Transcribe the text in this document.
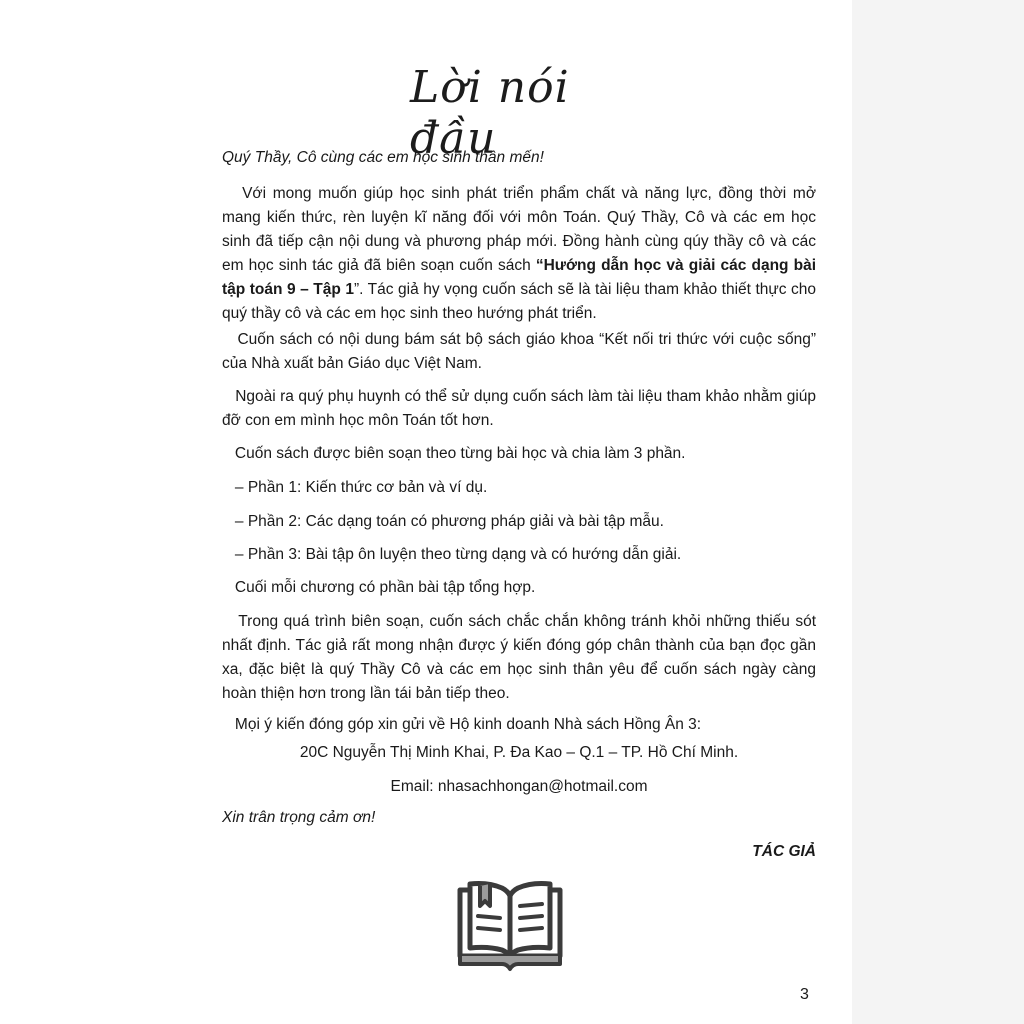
Lời nói đầu

Quý Thầy, Cô cùng các em học sinh thân mến!

Với mong muốn giúp học sinh phát triển phẩm chất và năng lực, đồng thời mở mang kiến thức, rèn luyện kĩ năng đối với môn Toán. Quý Thầy, Cô và các em học sinh đã tiếp cận nội dung và phương pháp mới. Đồng hành cùng qúy thầy cô và các em học sinh tác giả đã biên soạn cuốn sách “Hướng dẫn học và giải các dạng bài tập toán 9 – Tập 1”. Tác giả hy vọng cuốn sách sẽ là tài liệu tham khảo thiết thực cho quý thầy cô và các em học sinh theo hướng phát triển.

Cuốn sách có nội dung bám sát bộ sách giáo khoa “Kết nối tri thức với cuộc sống” của Nhà xuất bản Giáo dục Việt Nam.

Ngoài ra quý phụ huynh có thể sử dụng cuốn sách làm tài liệu tham khảo nhằm giúp đỡ con em mình học môn Toán tốt hơn.

Cuốn sách được biên soạn theo từng bài học và chia làm 3 phần.

– Phần 1: Kiến thức cơ bản và ví dụ.

– Phần 2: Các dạng toán có phương pháp giải và bài tập mẫu.

– Phần 3: Bài tập ôn luyện theo từng dạng và có hướng dẫn giải.

Cuối mỗi chương có phần bài tập tổng hợp.

Trong quá trình biên soạn, cuốn sách chắc chắn không tránh khỏi những thiếu sót nhất định. Tác giả rất mong nhận được ý kiến đóng góp chân thành của bạn đọc gần xa, đặc biệt là quý Thầy Cô và các em học sinh thân yêu để cuốn sách ngày càng hoàn thiện hơn trong lần tái bản tiếp theo.

Mọi ý kiến đóng góp xin gửi về Hộ kinh doanh Nhà sách Hồng Ân 3:

20C Nguyễn Thị Minh Khai, P. Đa Kao – Q.1 – TP. Hồ Chí Minh.

Email: nhasachhongan@hotmail.com

Xin trân trọng cảm ơn!

TÁC GIẢ
3
